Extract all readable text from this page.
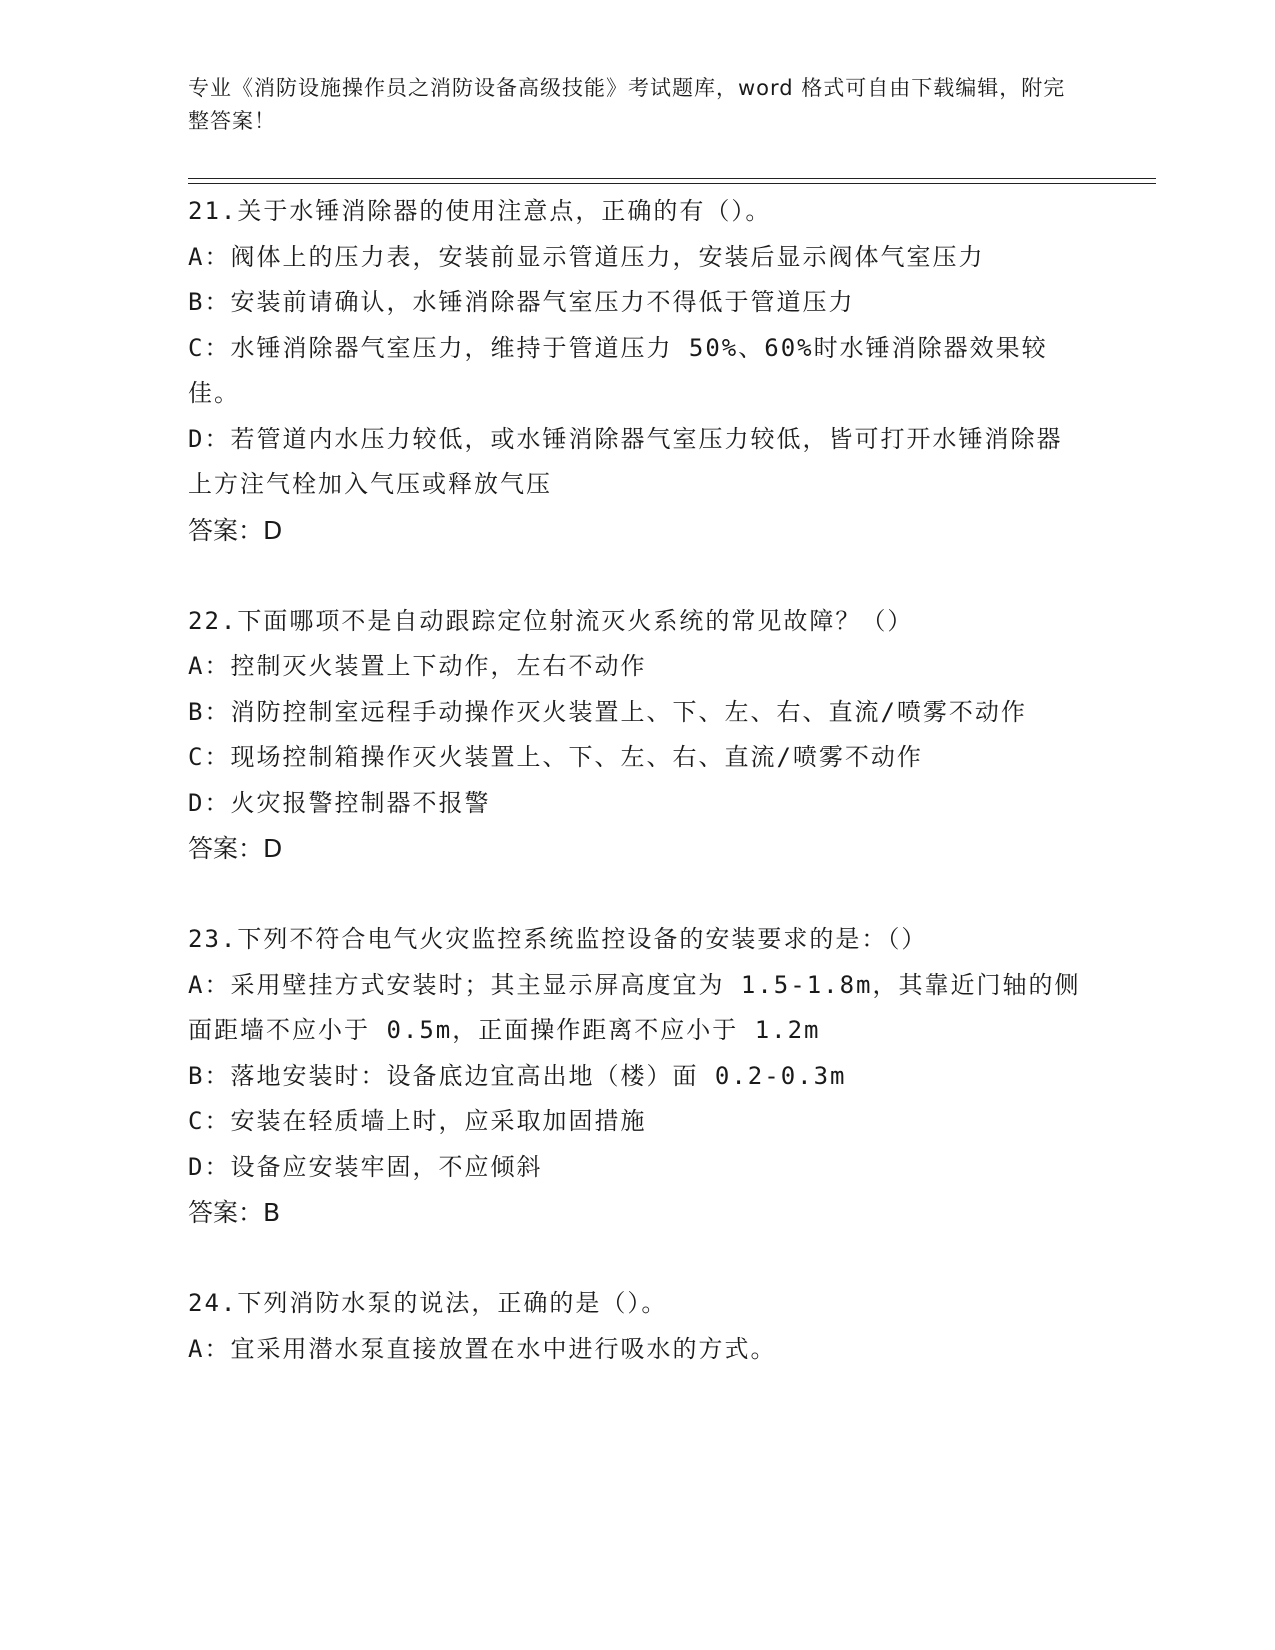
专业《消防设施操作员之消防设备高级技能》考试题库，word 格式可自由下载编辑，附完整答案！
21.关于水锤消除器的使用注意点，正确的有（）。
A：阀体上的压力表，安装前显示管道压力，安装后显示阀体气室压力
B：安装前请确认，水锤消除器气室压力不得低于管道压力
C：水锤消除器气室压力，维持于管道压力 50%、60%时水锤消除器效果较佳。
D：若管道内水压力较低，或水锤消除器气室压力较低，皆可打开水锤消除器上方注气栓加入气压或释放气压
答案：D
22.下面哪项不是自动跟踪定位射流灭火系统的常见故障？（）
A：控制灭火装置上下动作，左右不动作
B：消防控制室远程手动操作灭火装置上、下、左、右、直流/喷雾不动作
C：现场控制箱操作灭火装置上、下、左、右、直流/喷雾不动作
D：火灾报警控制器不报警
答案：D
23.下列不符合电气火灾监控系统监控设备的安装要求的是：（）
A：采用壁挂方式安装时；其主显示屏高度宜为 1.5-1.8m，其靠近门轴的侧面距墙不应小于 0.5m，正面操作距离不应小于 1.2m
B：落地安装时：设备底边宜高出地（楼）面 0.2-0.3m
C：安装在轻质墙上时，应采取加固措施
D：设备应安装牢固，不应倾斜
答案：B
24.下列消防水泵的说法，正确的是（）。
A：宜采用潜水泵直接放置在水中进行吸水的方式。
